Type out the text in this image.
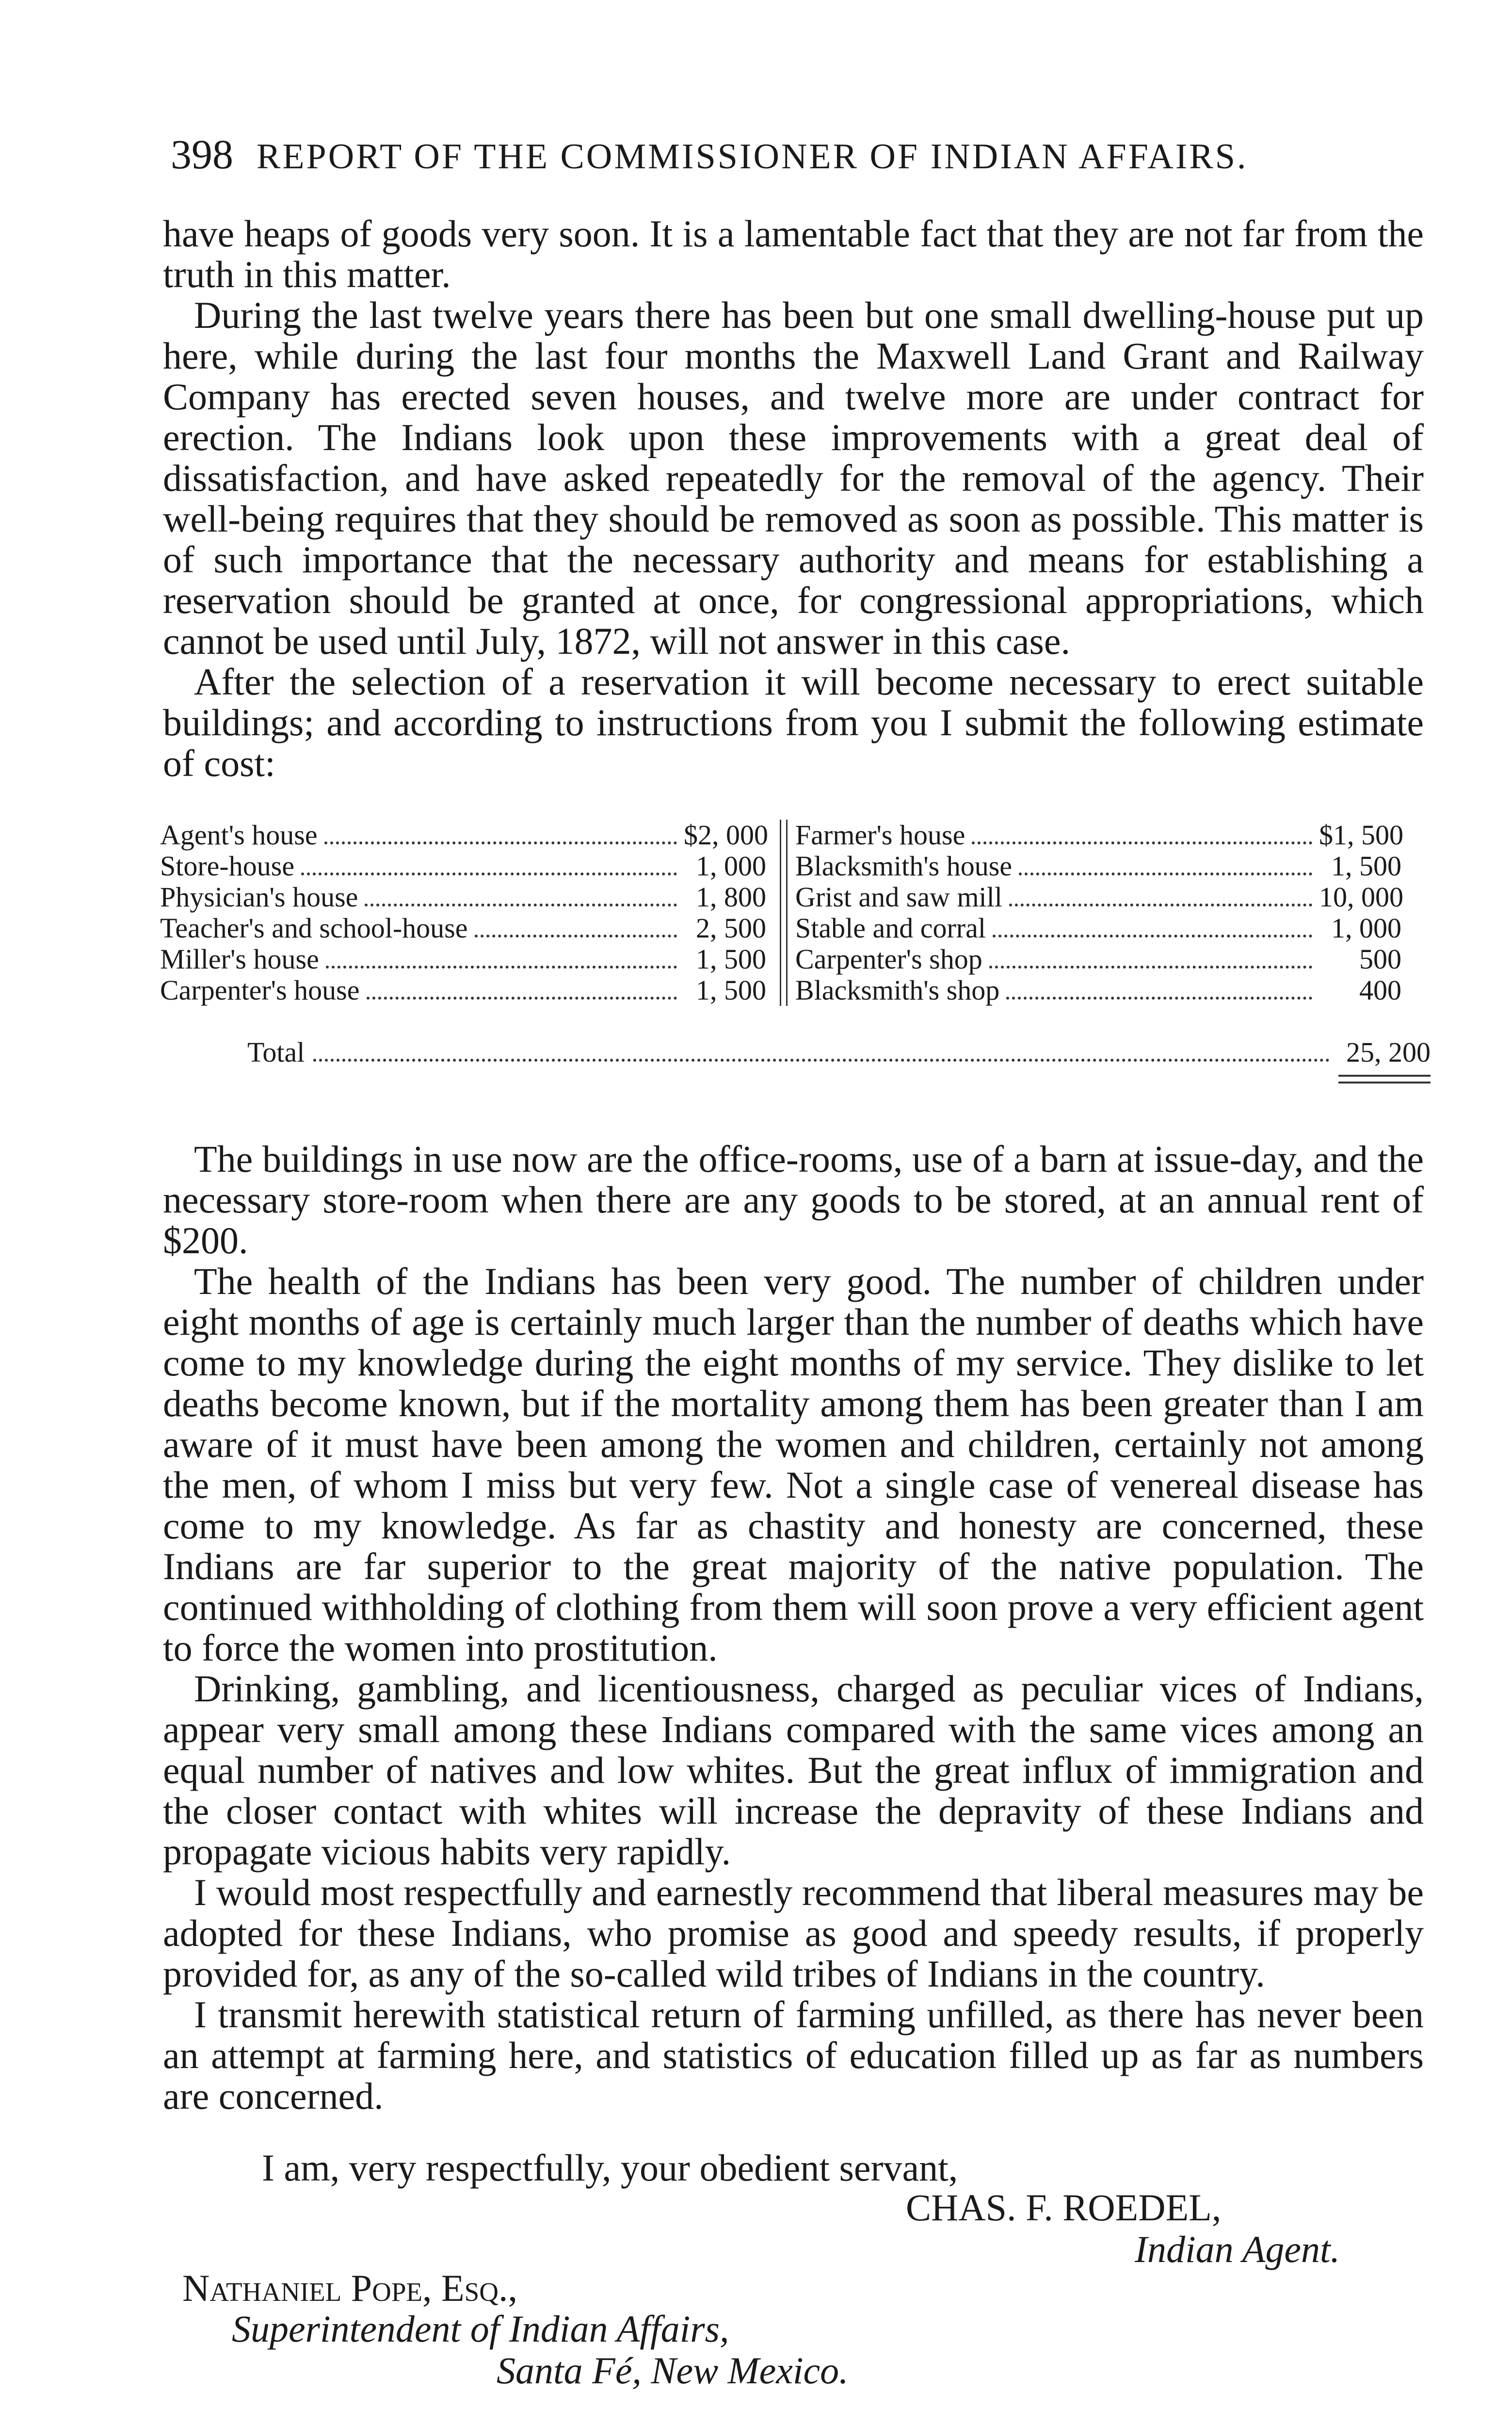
398 REPORT OF THE COMMISSIONER OF INDIAN AFFAIRS.

have heaps of goods very soon. It is a lamentable fact that they are not far from the truth in this matter.

During the last twelve years there has been but one small dwelling-house put up here, while during the last four months the Maxwell Land Grant and Railway Company has erected seven houses, and twelve more are under contract for erection. The Indians look upon these improvements with a great deal of dissatisfaction, and have asked repeatedly for the removal of the agency. Their well-being requires that they should be removed as soon as possible. This matter is of such importance that the necessary authority and means for establishing a reservation should be granted at once, for congressional appropriations, which cannot be used until July, 1872, will not answer in this case.

After the selection of a reservation it will become necessary to erect suitable buildings; and according to instructions from you I submit the following estimate of cost:

Agent's house	$2, 000
Store-house	1, 000
Physician's house	1, 800
Teacher's and school-house	2, 500
Miller's house	1, 500
Carpenter's house	1, 500
Farmer's house	$1, 500
Blacksmith's house	1, 500
Grist and saw mill	10, 000
Stable and corral	1, 000
Carpenter's shop	500
Blacksmith's shop	400
Total	25, 200

The buildings in use now are the office-rooms, use of a barn at issue-day, and the necessary store-room when there are any goods to be stored, at an annual rent of $200.

The health of the Indians has been very good. The number of children under eight months of age is certainly much larger than the number of deaths which have come to my knowledge during the eight months of my service. They dislike to let deaths become known, but if the mortality among them has been greater than I am aware of it must have been among the women and children, certainly not among the men, of whom I miss but very few. Not a single case of venereal disease has come to my knowledge. As far as chastity and honesty are concerned, these Indians are far superior to the great majority of the native population. The continued withholding of clothing from them will soon prove a very efficient agent to force the women into prostitution.

Drinking, gambling, and licentiousness, charged as peculiar vices of Indians, appear very small among these Indians compared with the same vices among an equal number of natives and low whites. But the great influx of immigration and the closer contact with whites will increase the depravity of these Indians and propagate vicious habits very rapidly.

I would most respectfully and earnestly recommend that liberal measures may be adopted for these Indians, who promise as good and speedy results, if properly provided for, as any of the so-called wild tribes of Indians in the country.

I transmit herewith statistical return of farming unfilled, as there has never been an attempt at farming here, and statistics of education filled up as far as numbers are concerned.

I am, very respectfully, your obedient servant,
CHAS. F. ROEDEL,
Indian Agent.
Nathaniel Pope, Esq.,
Superintendent of Indian Affairs,
Santa Fé, New Mexico.
